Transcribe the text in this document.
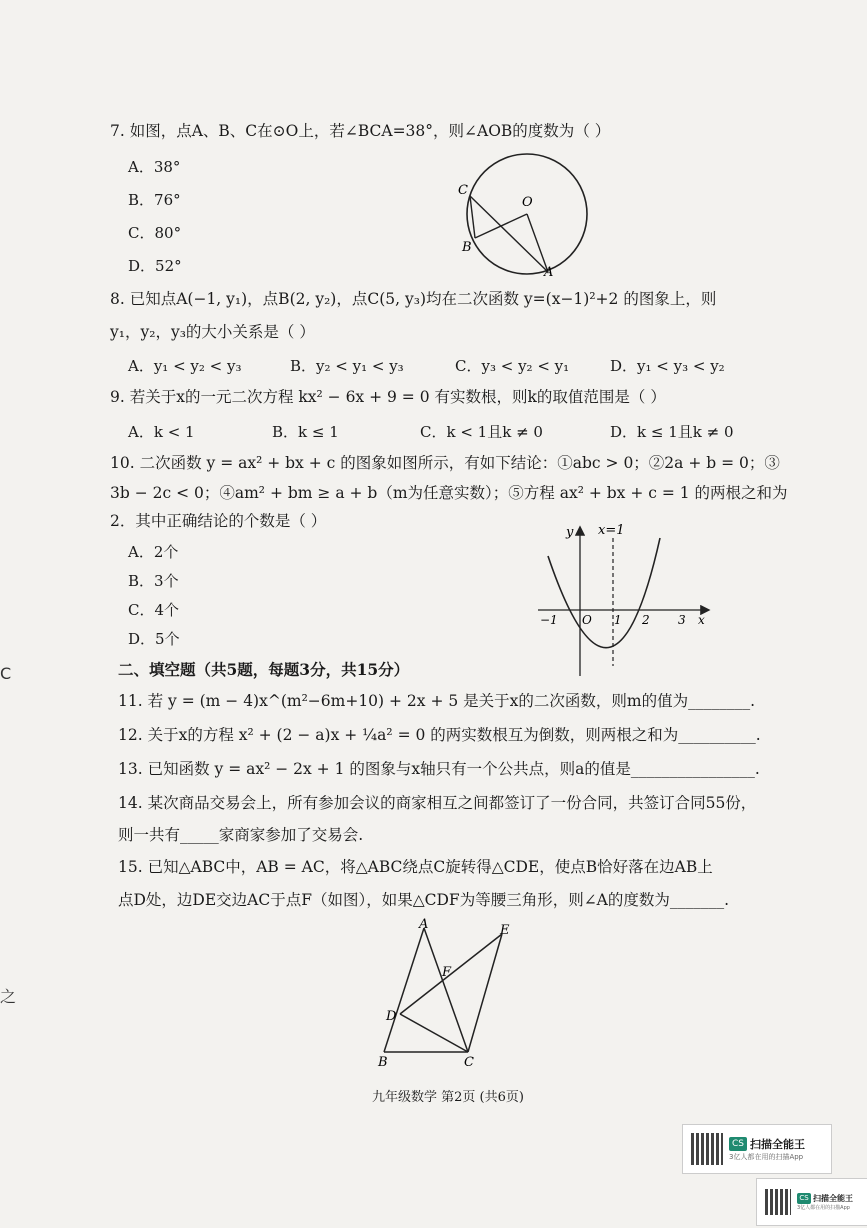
C
之
7. 如图，点A、B、C在⊙O上，若∠BCA=38°，则∠AOB的度数为（ ）
A．38°
B．76°
C．80°
D．52°
C
O
B
A
8. 已知点A(−1, y₁)，点B(2, y₂)，点C(5, y₃)均在二次函数 y=(x−1)²+2 的图象上，则
y₁，y₂，y₃的大小关系是（ ）
A．y₁ < y₂ < y₃	B．y₂ < y₁ < y₃	C．y₃ < y₂ < y₁	D．y₁ < y₃ < y₂
9. 若关于x的一元二次方程 kx² − 6x + 9 = 0 有实数根，则k的取值范围是（ ）
A．k < 1	B．k ≤ 1	C．k < 1且k ≠ 0	D．k ≤ 1且k ≠ 0
10. 二次函数 y = ax² + bx + c 的图象如图所示，有如下结论：①abc > 0；②2a + b = 0；③
3b − 2c < 0；④am² + bm ≥ a + b（m为任意实数）；⑤方程 ax² + bx + c = 1 的两根之和为
2．其中正确结论的个数是（ ）
A．2个
B．3个
C．4个
D．5个
y x=1
−1 O 1 2 3 x
二、填空题（共5题，每题3分，共15分）
11. 若 y = (m − 4)x^(m²−6m+10) + 2x + 5 是关于x的二次函数，则m的值为________.
12. 关于x的方程 x² + (2 − a)x + ¼a² = 0 的两实数根互为倒数，则两根之和为__________.
13. 已知函数 y = ax² − 2x + 1 的图象与x轴只有一个公共点，则a的值是________________.
14. 某次商品交易会上，所有参加会议的商家相互之间都签订了一份合同，共签订合同55份，
则一共有_____家商家参加了交易会.
15. 已知△ABC中，AB = AC，将△ABC绕点C旋转得△CDE，使点B恰好落在边AB上
点D处，边DE交边AC于点F（如图），如果△CDF为等腰三角形，则∠A的度数为_______.
A	E
F
D
B	C
九年级数学 第2页 (共6页)
CS 扫描全能王
3亿人都在用的扫描App
CS 扫描全能王
3亿人都在用的扫描App
